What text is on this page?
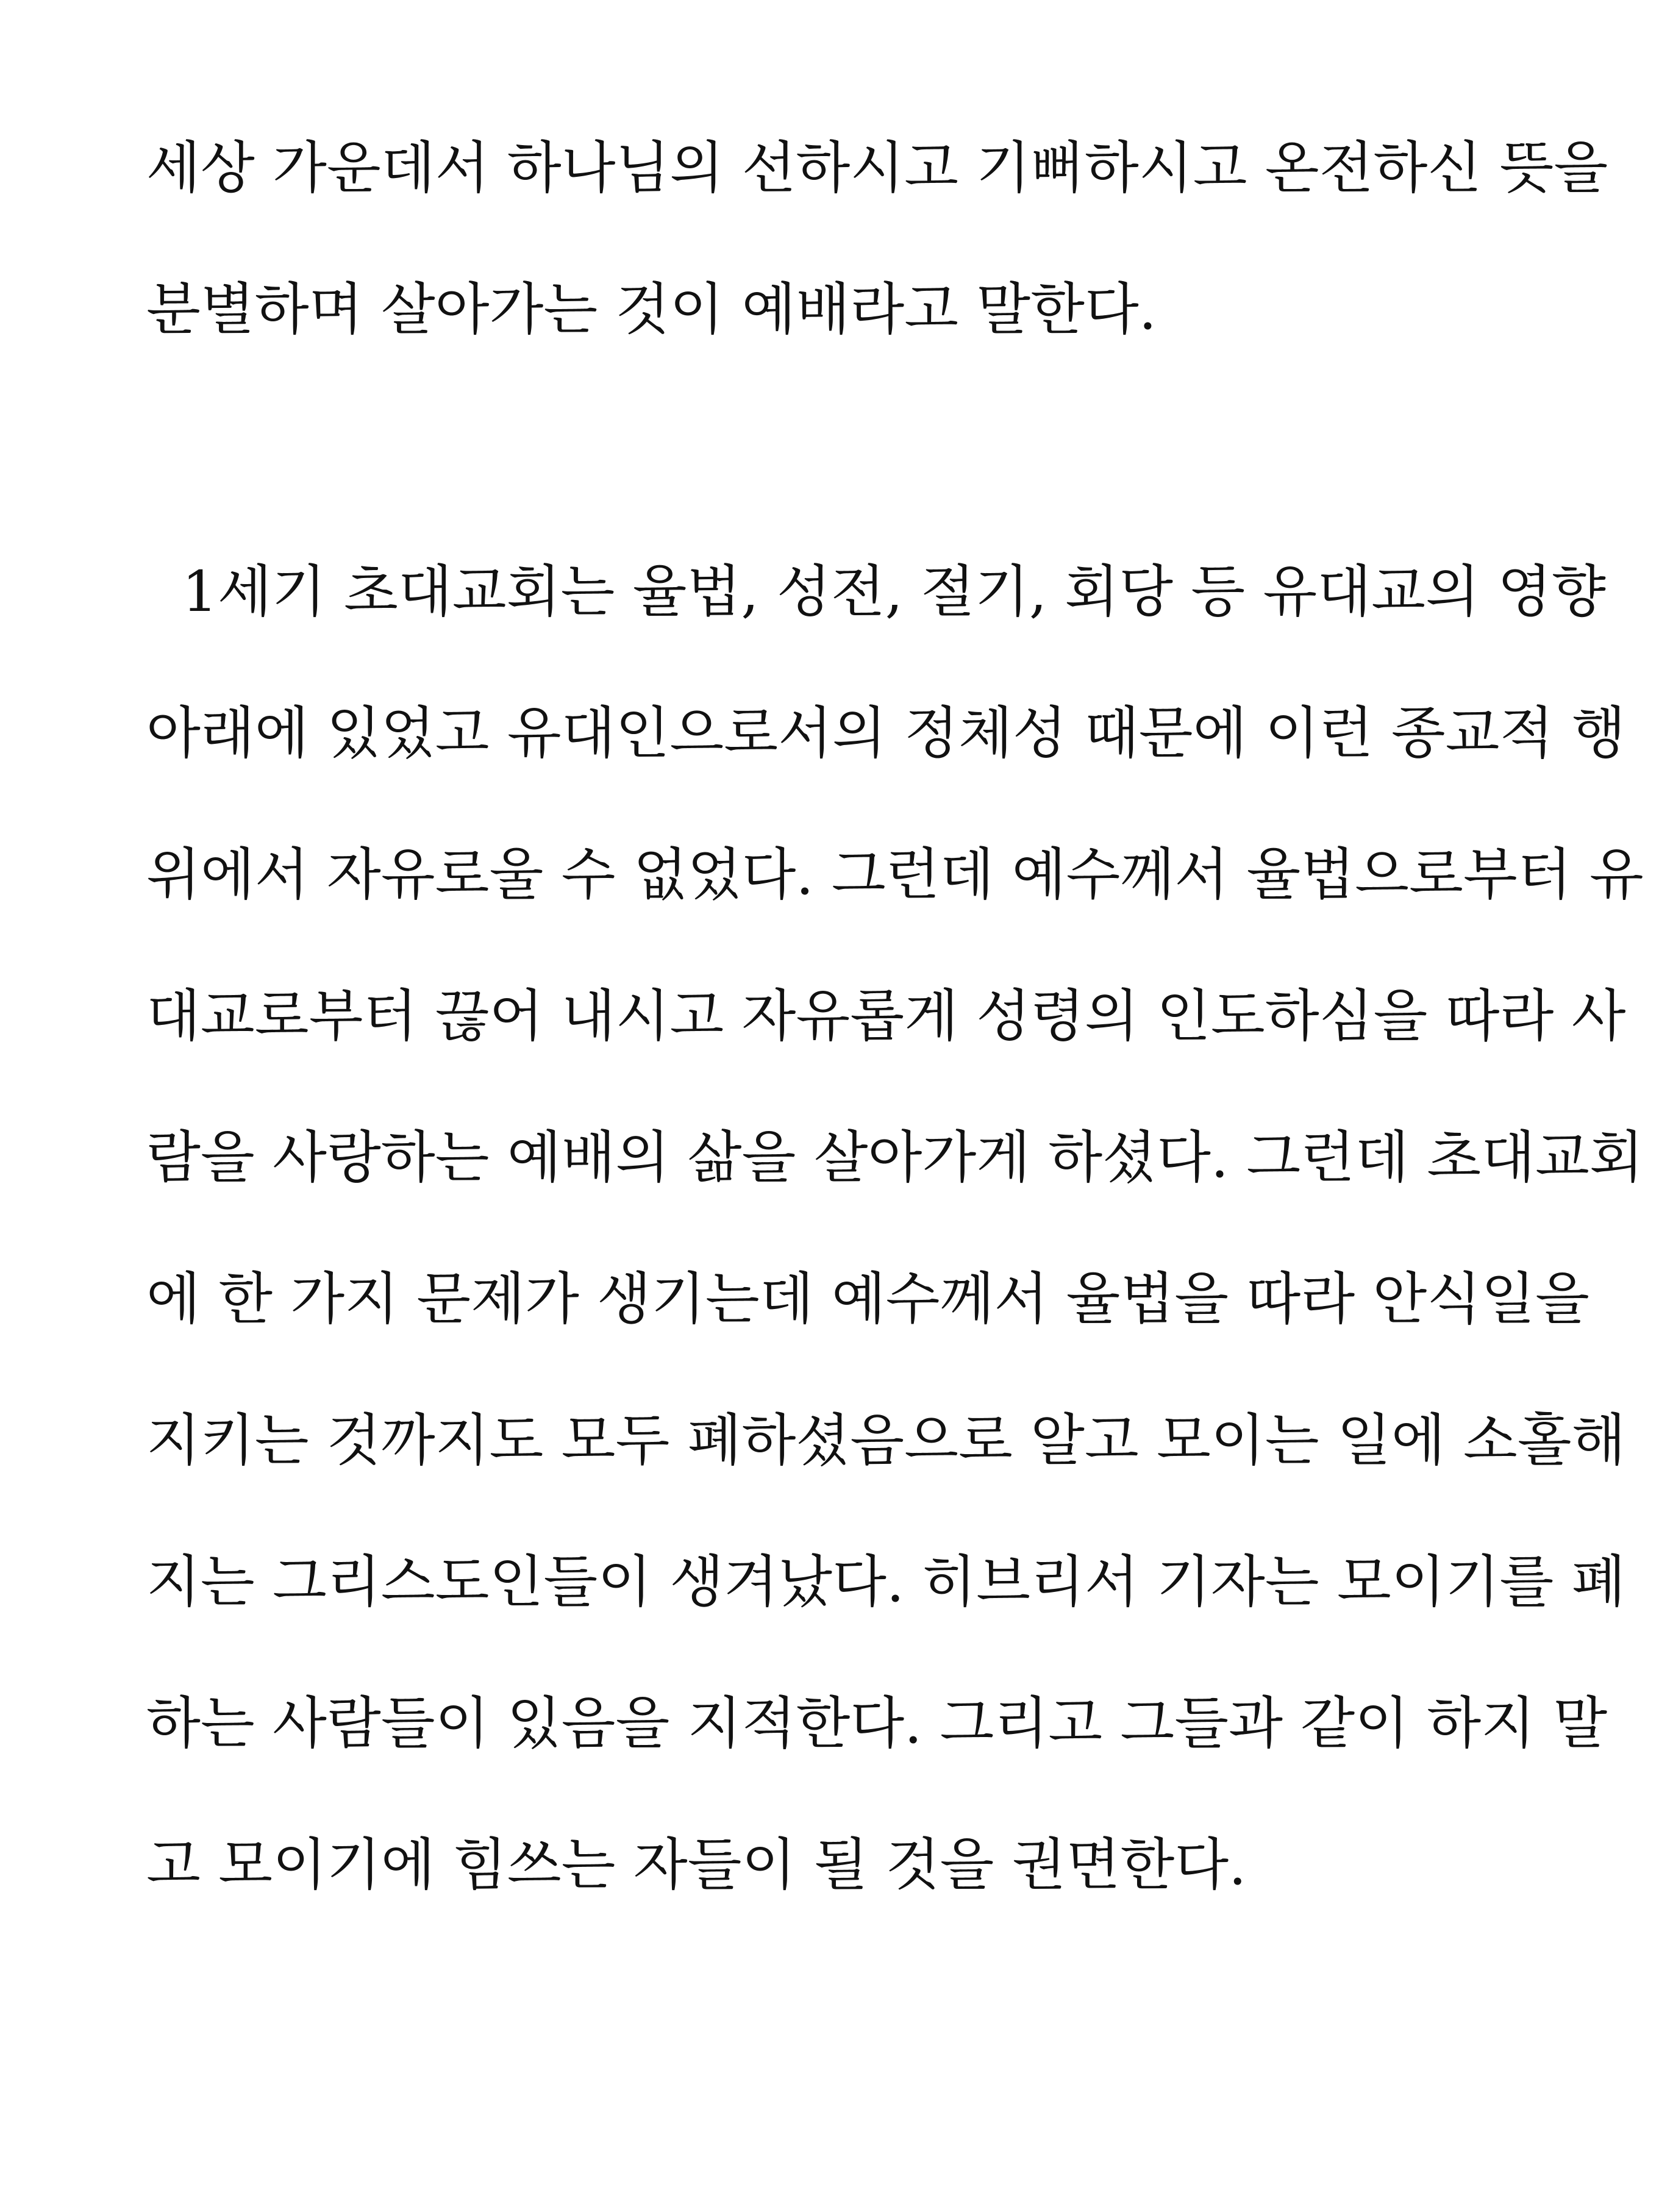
세상 가운데서 하나님의 선하시고 기뻐하시고 온전하신 뜻을
분별하며 살아가는 것이 예배라고 말한다.
1세기 초대교회는 율법, 성전, 절기, 회당 등 유대교의 영향
아래에 있었고 유대인으로서의 정체성 때문에 이런 종교적 행
위에서 자유로울 수 없었다. 그런데 예수께서 율법으로부터 유
대교로부터 끊어 내시고 자유롭게 성령의 인도하심을 따라 사
람을 사랑하는 예배의 삶을 살아가게 하셨다. 그런데 초대교회
에 한 가지 문제가 생기는데 예수께서 율법을 따라 안식일을
지키는 것까지도 모두 폐하셨음으로 알고 모이는 일에 소홀해
지는 그리스도인들이 생겨났다. 히브리서 기자는 모이기를 폐
하는 사람들이 있음을 지적한다. 그리고 그들과 같이 하지 말
고 모이기에 힘쓰는 자들이 될 것을 권면한다.
